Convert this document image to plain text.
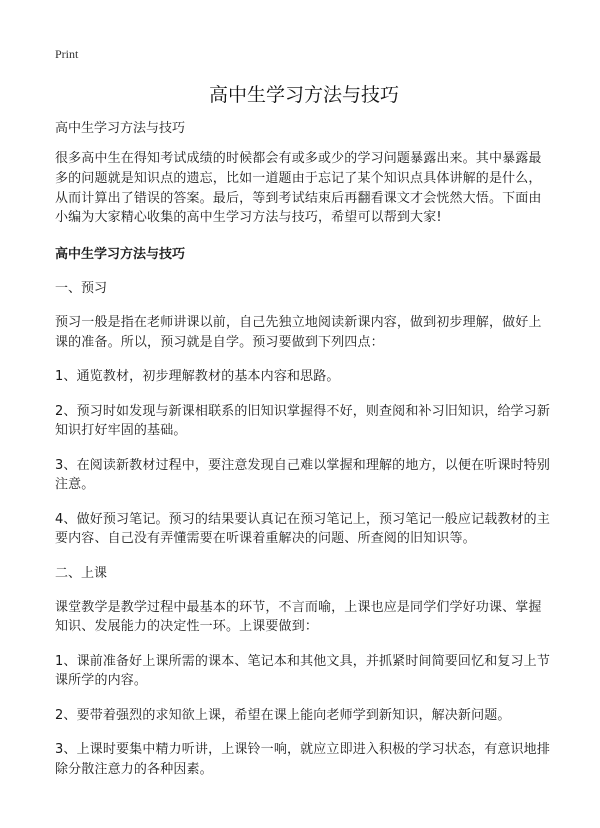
Print
高中生学习方法与技巧

高中生学习方法与技巧

很多高中生在得知考试成绩的时候都会有或多或少的学习问题暴露出来。其中暴露最多的问题就是知识点的遗忘，比如一道题由于忘记了某个知识点具体讲解的是什么，从而计算出了错误的答案。最后，等到考试结束后再翻看课文才会恍然大悟。下面由小编为大家精心收集的高中生学习方法与技巧，希望可以帮到大家!

高中生学习方法与技巧

一、预习

预习一般是指在老师讲课以前，自己先独立地阅读新课内容，做到初步理解，做好上课的准备。所以，预习就是自学。预习要做到下列四点：

1、通览教材，初步理解教材的基本内容和思路。

2、预习时如发现与新课相联系的旧知识掌握得不好，则查阅和补习旧知识，给学习新知识打好牢固的基础。

3、在阅读新教材过程中，要注意发现自己难以掌握和理解的地方，以便在听课时特别注意。

4、做好预习笔记。预习的结果要认真记在预习笔记上，预习笔记一般应记载教材的主要内容、自己没有弄懂需要在听课着重解决的问题、所查阅的旧知识等。

二、上课

课堂教学是教学过程中最基本的环节，不言而喻，上课也应是同学们学好功课、掌握知识、发展能力的决定性一环。上课要做到：

1、课前准备好上课所需的课本、笔记本和其他文具，并抓紧时间简要回忆和复习上节课所学的内容。

2、要带着强烈的求知欲上课，希望在课上能向老师学到新知识，解决新问题。

3、上课时要集中精力听讲，上课铃一响，就应立即进入积极的学习状态，有意识地排除分散注意力的各种因素。
